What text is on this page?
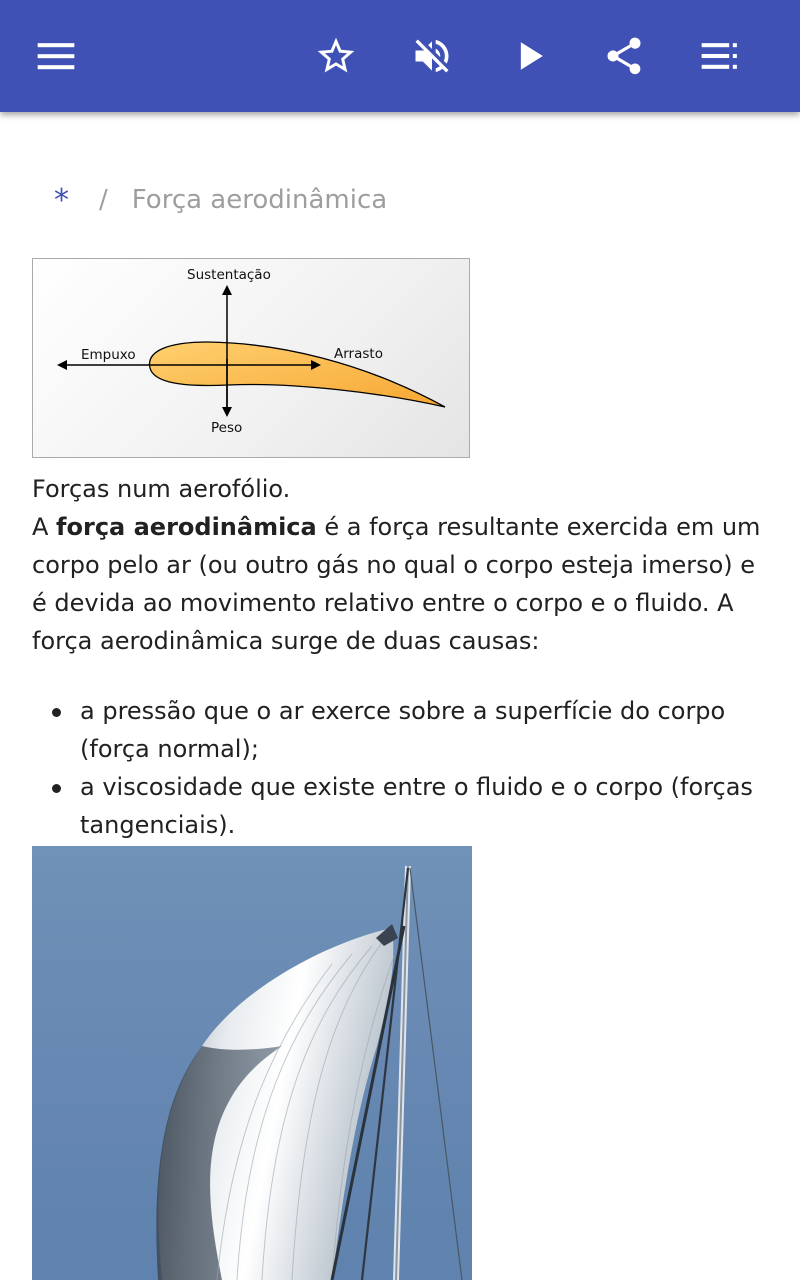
* / Força aerodinâmica
Sustentação
Empuxo	Arrasto
Peso
Forças num aerofólio.

A força aerodinâmica é a força resultante exercida em um corpo pelo ar (ou outro gás no qual o corpo esteja imerso) e é devida ao movimento relativo entre o corpo e o fluido. A força aerodinâmica surge de duas causas:

a pressão que o ar exerce sobre a superfície do corpo (força normal);
a viscosidade que existe entre o fluido e o corpo (forças tangenciais).
